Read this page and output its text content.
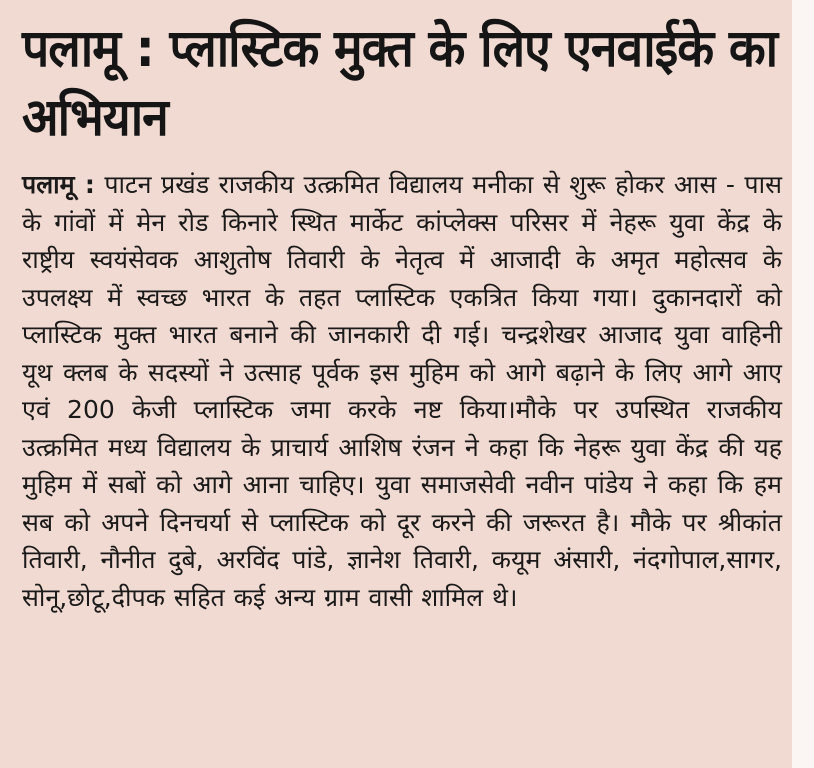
पलामू : प्लास्टिक मुक्त के लिए एनवाईके का अभियान

पलामू : पाटन प्रखंड राजकीय उत्क्रमित विद्यालय मनीका से शुरू होकर आस - पास के गांवों में मेन रोड किनारे स्थित मार्केट कांप्लेक्स परिसर में नेहरू युवा केंद्र के राष्ट्रीय स्वयंसेवक आशुतोष तिवारी के नेतृत्व में आजादी के अमृत महोत्सव के उपलक्ष्य में स्वच्छ भारत के तहत प्लास्टिक एकत्रित किया गया। दुकानदारों को प्लास्टिक मुक्त भारत बनाने की जानकारी दी गई। चन्द्रशेखर आजाद युवा वाहिनी यूथ क्लब के सदस्यों ने उत्साह पूर्वक इस मुहिम को आगे बढ़ाने के लिए आगे आए एवं 200 केजी प्लास्टिक जमा करके नष्ट किया।मौके पर उपस्थित राजकीय उत्क्रमित मध्य विद्यालय के प्राचार्य आशिष रंजन ने कहा कि नेहरू युवा केंद्र की यह मुहिम में सबों को आगे आना चाहिए। युवा समाजसेवी नवीन पांडेय ने कहा कि हम सब को अपने दिनचर्या से प्लास्टिक को दूर करने की जरूरत है। मौके पर श्रीकांत तिवारी, नौनीत दुबे, अरविंद पांडे, ज्ञानेश तिवारी, कयूम अंसारी, नंदगोपाल,सागर, सोनू,छोटू,दीपक सहित कई अन्य ग्राम वासी शामिल थे।
